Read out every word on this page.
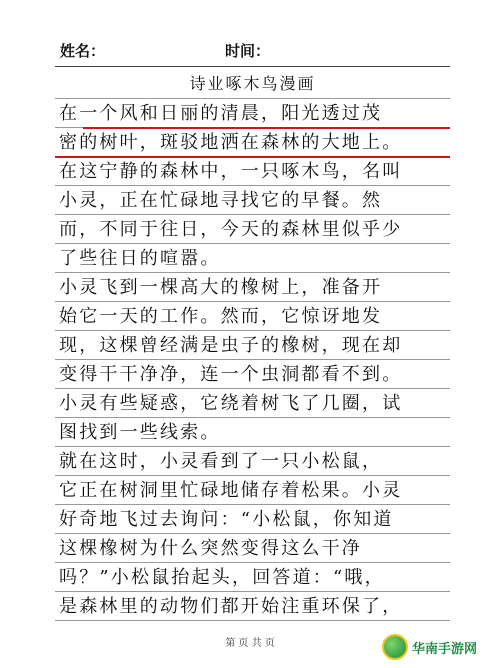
姓名：	时间：
诗业啄木鸟漫画
在一个风和日丽的清晨，阳光透过茂
密的树叶，斑驳地洒在森林的大地上。
在这宁静的森林中，一只啄木鸟，名叫
小灵，正在忙碌地寻找它的早餐。然
而，不同于往日，今天的森林里似乎少
了些往日的喧嚣。
小灵飞到一棵高大的橡树上，准备开
始它一天的工作。然而，它惊讶地发
现，这棵曾经满是虫子的橡树，现在却
变得干干净净，连一个虫洞都看不到。
小灵有些疑惑，它绕着树飞了几圈，试
图找到一些线索。
就在这时，小灵看到了一只小松鼠，
它正在树洞里忙碌地储存着松果。小灵
好奇地飞过去询问：“小松鼠，你知道
这棵橡树为什么突然变得这么干净
吗？”小松鼠抬起头，回答道：“哦，
是森林里的动物们都开始注重环保了，
第 页 共 页	华南手游网
